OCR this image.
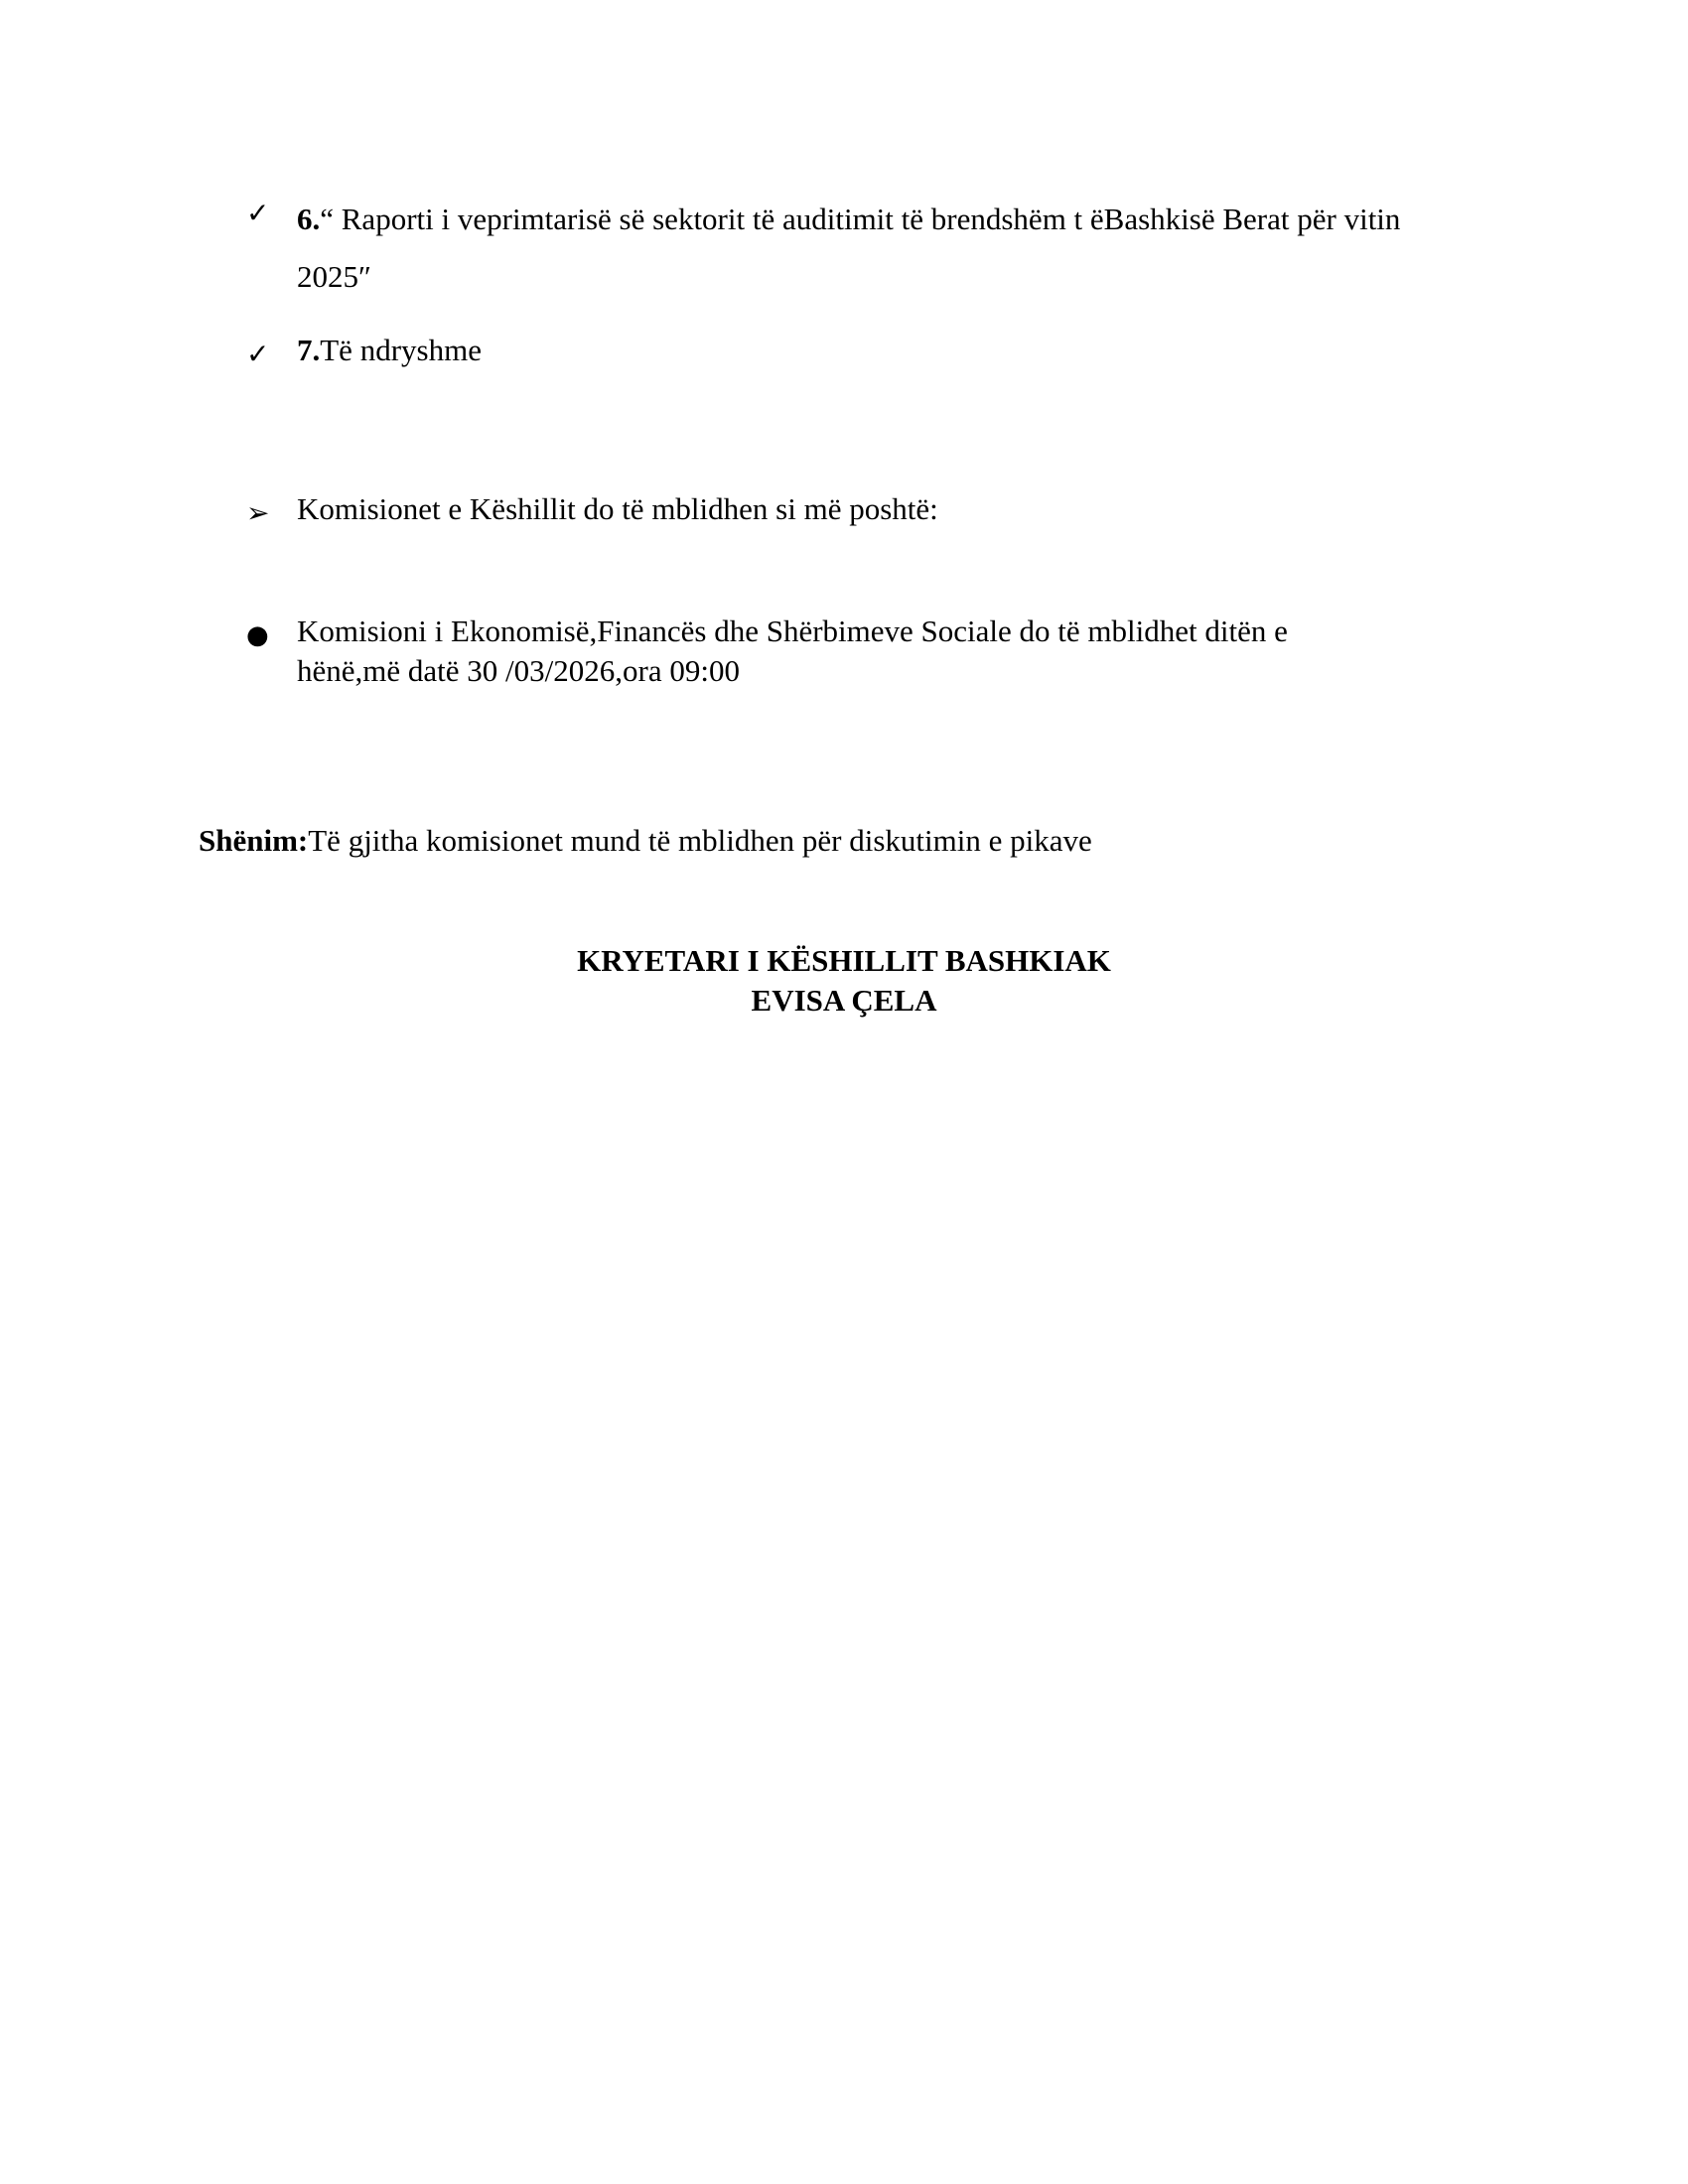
✓ 6.“ Raporti i veprimtarisë së sektorit të auditimit të brendshëm t ëBashkisë Berat për vitin
2025″
✓ 7.Të ndryshme
➢ Komisionet e Këshillit do të mblidhen si më poshtë:
● Komisioni i Ekonomisë,Financës dhe Shërbimeve Sociale do të mblidhet ditën e
hënë,më datë 30 /03/2026,ora 09:00
Shënim:Të gjitha komisionet mund të mblidhen për diskutimin e pikave
KRYETARI I KËSHILLIT BASHKIAK
EVISA ÇELA
